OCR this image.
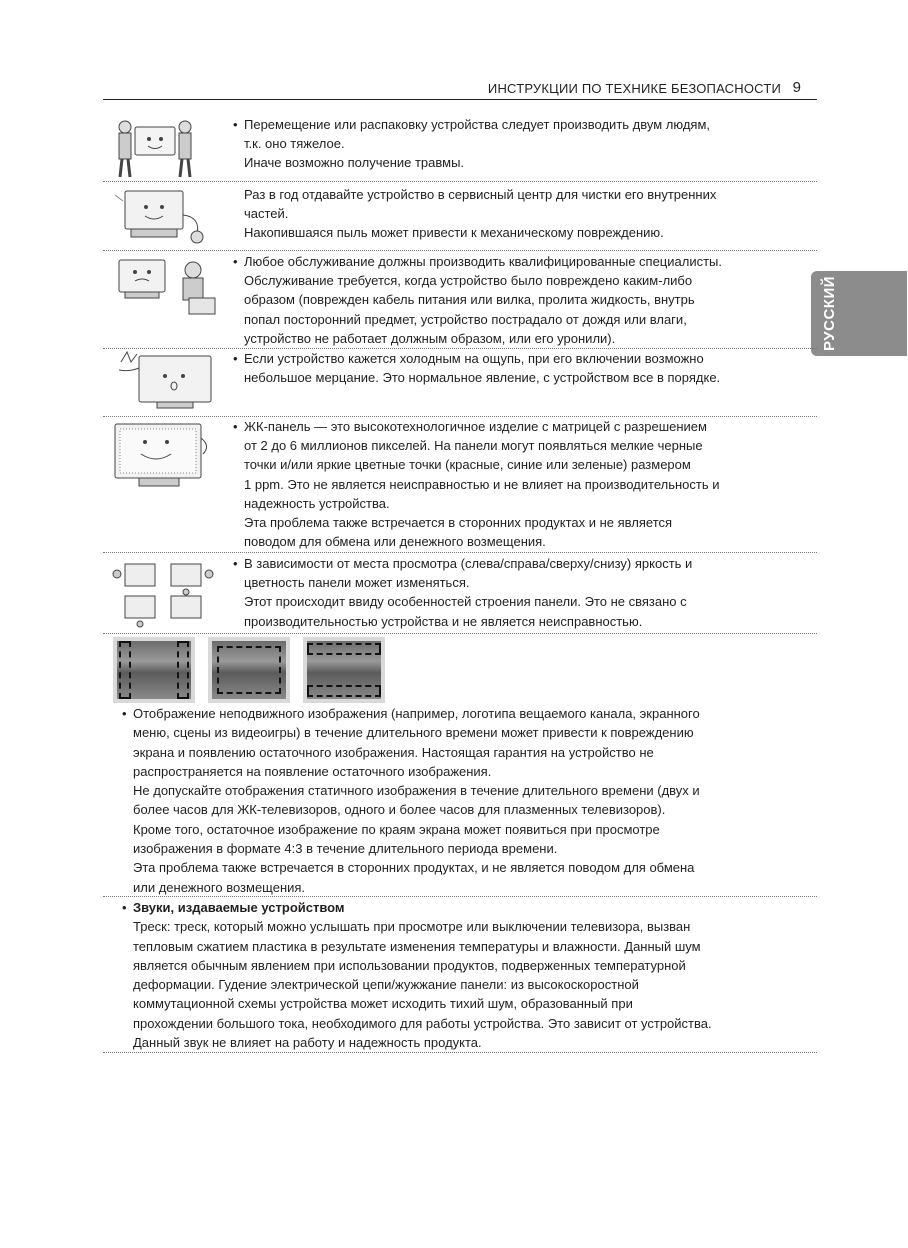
ИНСТРУКЦИИ ПО ТЕХНИКЕ БЕЗОПАСНОСТИ 9
РУССКИЙ
• Перемещение или распаковку устройства следует производить двум людям,

т.к. оно тяжелое.

Иначе возможно получение травмы.

Раз в год отдавайте устройство в сервисный центр для чистки его внутренних

частей.

Накопившаяся пыль может привести к механическому повреждению.

• Любое обслуживание должны производить квалифицированные специалисты.

Обслуживание требуется, когда устройство было повреждено каким-либо

образом (поврежден кабель питания или вилка, пролита жидкость, внутрь

попал посторонний предмет, устройство пострадало от дождя или влаги,

устройство не работает должным образом, или его уронили).

• Если устройство кажется холодным на ощупь, при его включении возможно

небольшое мерцание. Это нормальное явление, с устройством все в порядке.

• ЖК-панель — это высокотехнологичное изделие с матрицей с разрешением

от 2 до 6 миллионов пикселей. На панели могут появляться мелкие черные

точки и/или яркие цветные точки (красные, синие или зеленые) размером

1 ppm. Это не является неисправностью и не влияет на производительность и

надежность устройства.

Эта проблема также встречается в сторонних продуктах и не является

поводом для обмена или денежного возмещения.

• В зависимости от места просмотра (слева/справа/сверху/снизу) яркость и

цветность панели может изменяться.

Этот происходит ввиду особенностей строения панели. Это не связано с

производительностью устройства и не является неисправностью.

• Отображение неподвижного изображения (например, логотипа вещаемого канала, экранного

меню, сцены из видеоигры) в течение длительного времени может привести к повреждению

экрана и появлению остаточного изображения. Настоящая гарантия на устройство не

распространяется на появление остаточного изображения.

Не допускайте отображения статичного изображения в течение длительного времени (двух и

более часов для ЖК-телевизоров, одного и более часов для плазменных телевизоров).

Кроме того, остаточное изображение по краям экрана может появиться при просмотре

изображения в формате 4:3 в течение длительного периода времени.

Эта проблема также встречается в сторонних продуктах, и не является поводом для обмена

или денежного возмещения.

• Звуки, издаваемые устройством

Треск: треск, который можно услышать при просмотре или выключении телевизора, вызван

тепловым сжатием пластика в результате изменения температуры и влажности. Данный шум

является обычным явлением при использовании продуктов, подверженных температурной

деформации. Гудение электрической цепи/жужжание панели: из высокоскоростной

коммутационной схемы устройства может исходить тихий шум, образованный при

прохождении большого тока, необходимого для работы устройства. Это зависит от устройства.

Данный звук не влияет на работу и надежность продукта.
